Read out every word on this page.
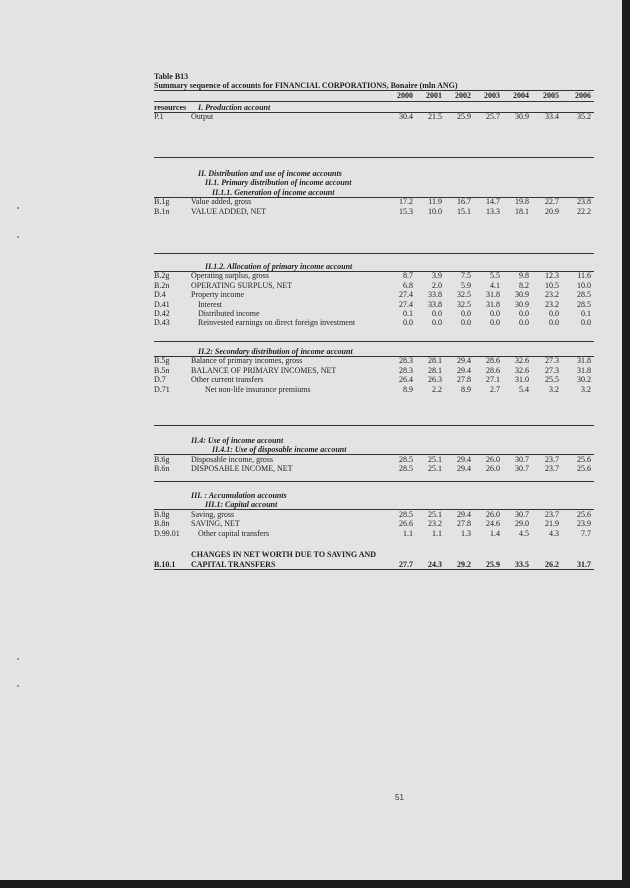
Table B13
Summary sequence of accounts for FINANCIAL CORPORATIONS, Bonaire (mln ANG)
2000	2001	2002	2003	2004	2005	2006
resources I. Production account
P.1	Output	30.4	21.5	25.9	25.7	30.9	33.4	35.2
II. Distribution and use of income accounts
II.1. Primary distribution of income account
II.1.1. Generation of income account
B.1g	Value added, gross	17.2	11.9	16.7	14.7	19.8	22.7	23.8
B.1n	VALUE ADDED, NET	15.3	10.0	15.1	13.3	18.1	20.9	22.2
II.1.2. Allocation of primary income account
B.2g	Operating surplus, gross	8.7	3.9	7.5	5.5	9.8	12.3	11.6
B.2n	OPERATING SURPLUS, NET	6.8	2.0	5.9	4.1	8.2	10.5	10.0
D.4	Property income	27.4	33.8	32.5	31.8	30.9	23.2	28.5
D.41	Interest	27.4	33.8	32.5	31.8	30.9	23.2	28.5
D.42	Distributed income	0.1	0.0	0.0	0.0	0.0	0.0	0.1
D.43	Reinvested earnings on direct foreign investment	0.0	0.0	0.0	0.0	0.0	0.0	0.0
II.2: Secondary distribution of income account
B.5g	Balance of primary incomes, gross	28.3	28.1	29.4	28.6	32.6	27.3	31.8
B.5n	BALANCE OF PRIMARY INCOMES, NET	28.3	28.1	29.4	28.6	32.6	27.3	31.8
D.7	Other current transfers	26.4	26.3	27.8	27.1	31.0	25.5	30.2
D.71	Net non-life insurance premiums	8.9	2.2	8.9	2.7	5.4	3.2	3.2
II.4: Use of income account
II.4.1: Use of disposable income account
B.6g	Disposable income, gross	28.5	25.1	29.4	26.0	30.7	23.7	25.6
B.6n	DISPOSABLE INCOME, NET	28.5	25.1	29.4	26.0	30.7	23.7	25.6
III. : Accumulation accounts
III.1: Capital account
B.8g	Saving, gross	28.5	25.1	29.4	26.0	30.7	23.7	25.6
B.8n	SAVING, NET	26.6	23.2	27.8	24.6	29.0	21.9	23.9
D.99.01 Other capital transfers	1.1	1.1	1.3	1.4	4.5	4.3	7.7
CHANGES IN NET WORTH DUE TO SAVING AND
B.10.1 CAPITAL TRANSFERS	27.7	24.3	29.2	25.9	33.5	26.2	31.7
51
